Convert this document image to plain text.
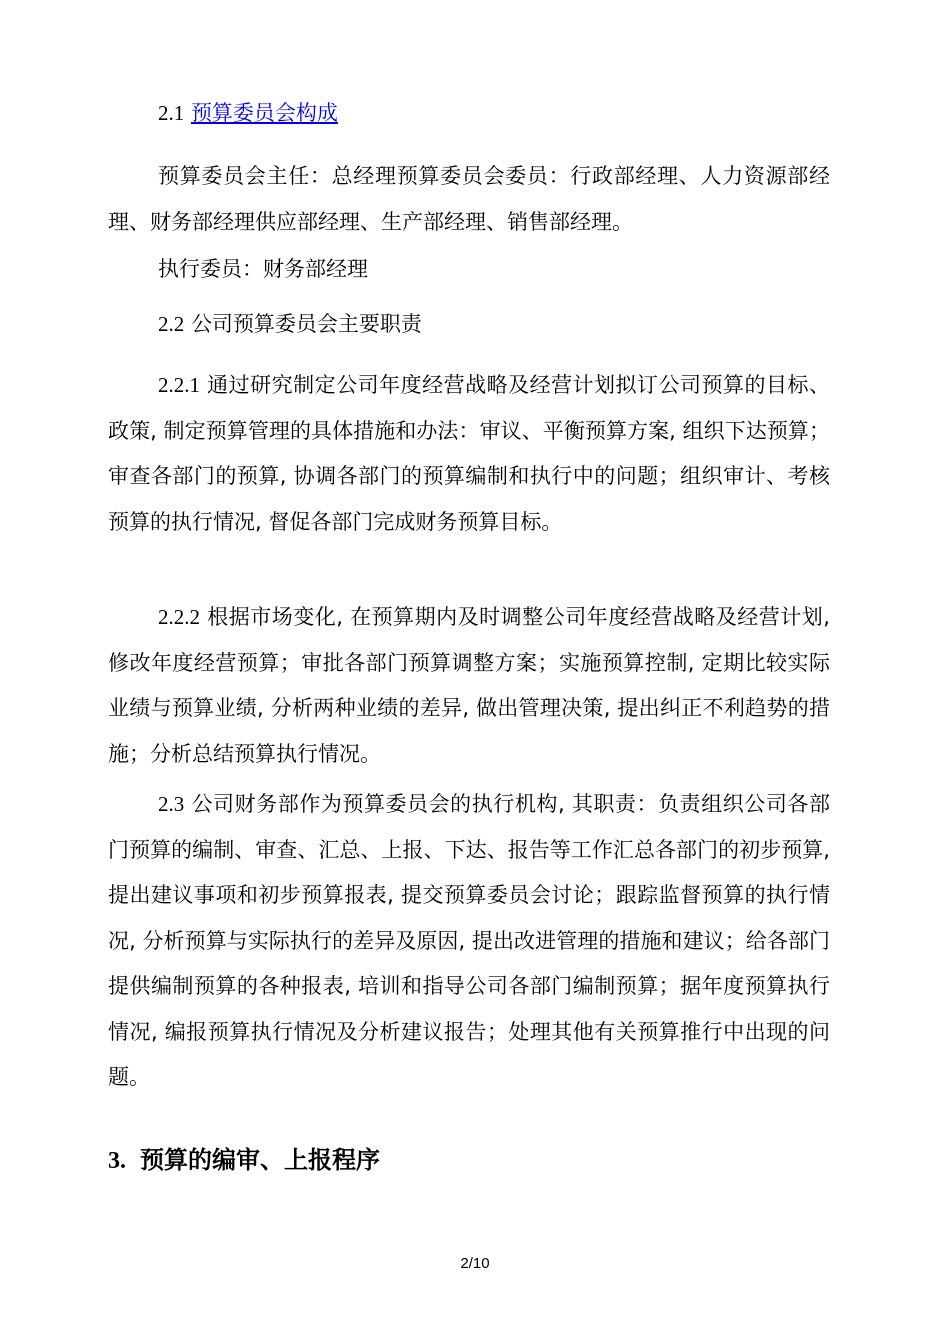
2.1 预算委员会构成

预算委员会主任：总经理预算委员会委员：行政部经理、人力资源部经理、财务部经理供应部经理、生产部经理、销售部经理。

执行委员：财务部经理

2.2 公司预算委员会主要职责

2.2.1 通过研究制定公司年度经营战略及经营计划拟订公司预算的目标、政策, 制定预算管理的具体措施和办法：审议、平衡预算方案, 组织下达预算；审查各部门的预算, 协调各部门的预算编制和执行中的问题；组织审计、考核预算的执行情况, 督促各部门完成财务预算目标。

2.2.2 根据市场变化, 在预算期内及时调整公司年度经营战略及经营计划, 修改年度经营预算；审批各部门预算调整方案；实施预算控制, 定期比较实际业绩与预算业绩, 分析两种业绩的差异, 做出管理决策, 提出纠正不利趋势的措施；分析总结预算执行情况。

2.3 公司财务部作为预算委员会的执行机构, 其职责：负责组织公司各部门预算的编制、审查、汇总、上报、下达、报告等工作汇总各部门的初步预算, 提出建议事项和初步预算报表, 提交预算委员会讨论；跟踪监督预算的执行情况, 分析预算与实际执行的差异及原因, 提出改进管理的措施和建议；给各部门提供编制预算的各种报表, 培训和指导公司各部门编制预算；据年度预算执行情况, 编报预算执行情况及分析建议报告；处理其他有关预算推行中出现的问题。

3. 预算的编审、上报程序
2/10
